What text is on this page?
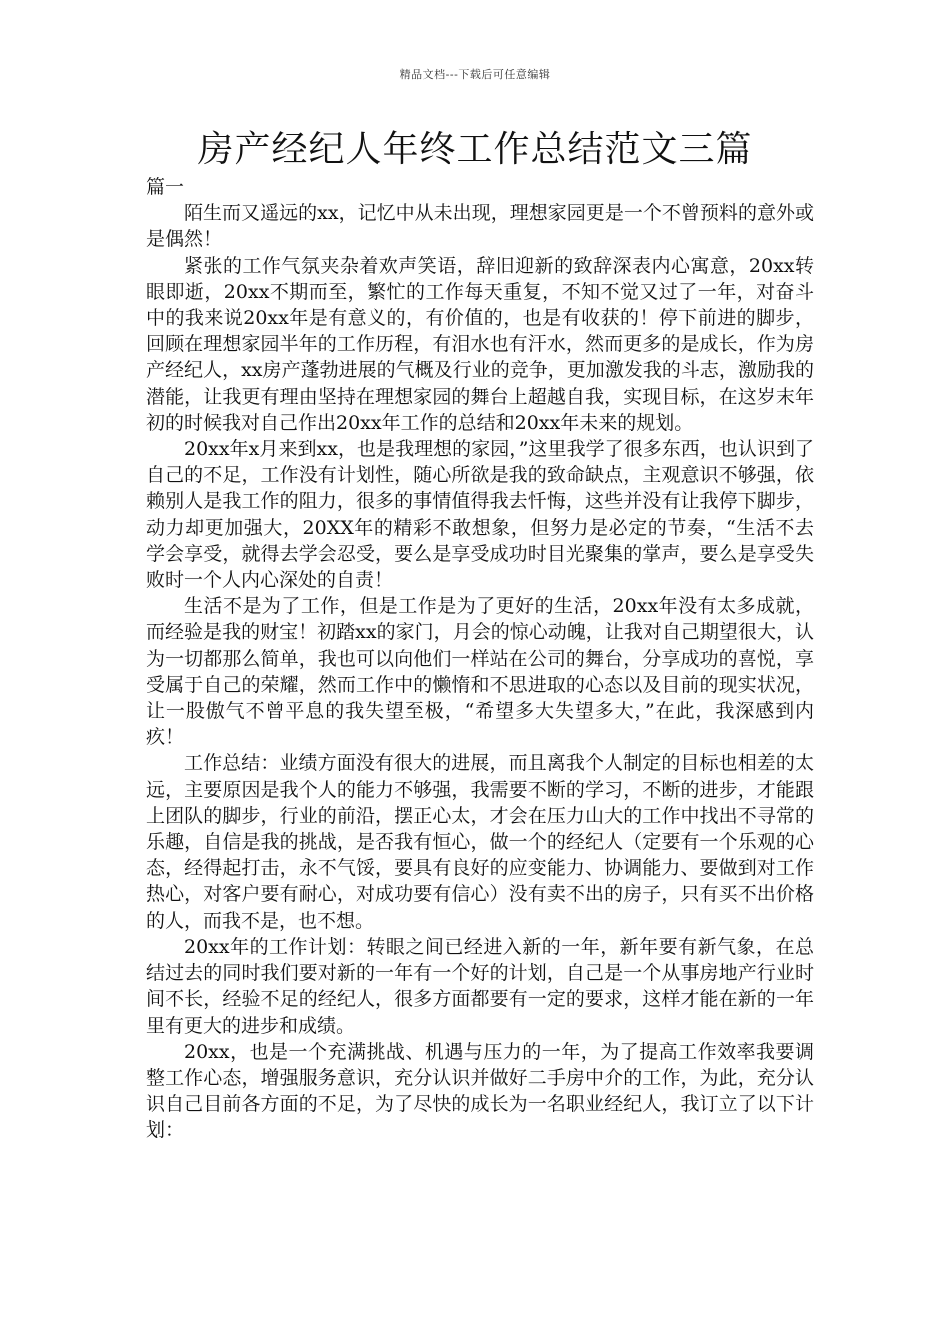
精品文档---下载后可任意编辑
房产经纪人年终工作总结范文三篇

篇一

陌生而又遥远的xx，记忆中从未出现，理想家园更是一个不曾预料的意外或是偶然！

紧张的工作气氛夹杂着欢声笑语，辞旧迎新的致辞深表内心寓意，20xx转眼即逝，20xx不期而至，繁忙的工作每天重复，不知不觉又过了一年，对奋斗中的我来说20xx年是有意义的，有价值的，也是有收获的！停下前进的脚步，回顾在理想家园半年的工作历程，有泪水也有汗水，然而更多的是成长，作为房产经纪人，xx房产蓬勃进展的气概及行业的竞争，更加激发我的斗志，激励我的潜能，让我更有理由坚持在理想家园的舞台上超越自我，实现目标，在这岁末年初的时候我对自己作出20xx年工作的总结和20xx年未来的规划。

20xx年x月来到xx，也是我理想的家园，”这里我学了很多东西，也认识到了自己的不足，工作没有计划性，随心所欲是我的致命缺点，主观意识不够强，依赖别人是我工作的阻力，很多的事情值得我去忏悔，这些并没有让我停下脚步，动力却更加强大，20XX年的精彩不敢想象，但努力是必定的节奏，“生活不去学会享受，就得去学会忍受，要么是享受成功时目光聚集的掌声，要么是享受失败时一个人内心深处的自责！

生活不是为了工作，但是工作是为了更好的生活，20xx年没有太多成就，而经验是我的财宝！初踏xx的家门，月会的惊心动魄，让我对自己期望很大，认为一切都那么简单，我也可以向他们一样站在公司的舞台，分享成功的喜悦，享受属于自己的荣耀，然而工作中的懒惰和不思进取的心态以及目前的现实状况，让一股傲气不曾平息的我失望至极，“希望多大失望多大，”在此，我深感到内疚！

工作总结：业绩方面没有很大的进展，而且离我个人制定的目标也相差的太远，主要原因是我个人的能力不够强，我需要不断的学习，不断的进步，才能跟上团队的脚步，行业的前沿，摆正心太，才会在压力山大的工作中找出不寻常的乐趣，自信是我的挑战，是否我有恒心，做一个的经纪人（定要有一个乐观的心态，经得起打击，永不气馁，要具有良好的应变能力、协调能力、要做到对工作热心，对客户要有耐心，对成功要有信心）没有卖不出的房子，只有买不出价格的人，而我不是，也不想。

20xx年的工作计划：转眼之间已经进入新的一年，新年要有新气象，在总结过去的同时我们要对新的一年有一个好的计划，自己是一个从事房地产行业时间不长，经验不足的经纪人，很多方面都要有一定的要求，这样才能在新的一年里有更大的进步和成绩。

20xx，也是一个充满挑战、机遇与压力的一年，为了提高工作效率我要调整工作心态，增强服务意识，充分认识并做好二手房中介的工作，为此，充分认识自己目前各方面的不足，为了尽快的成长为一名职业经纪人，我订立了以下计划：
